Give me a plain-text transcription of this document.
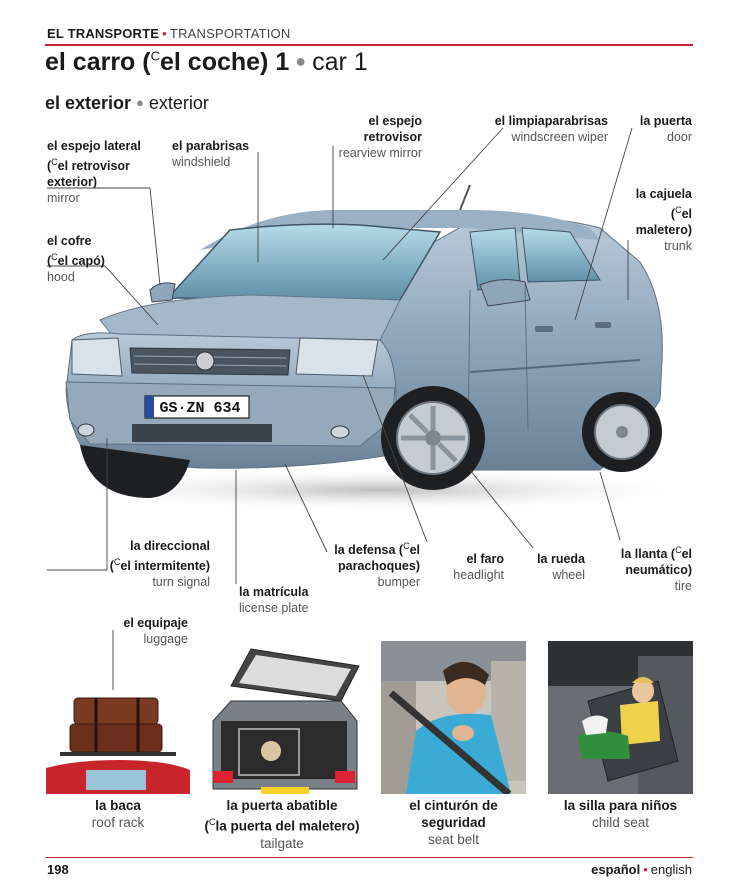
EL TRANSPORTE • TRANSPORTATION
el carro ($^C$el coche) 1 ● car 1
el exterior ● exterior
GS·ZN 634
el espejo lateral
($^C$el retrovisor
exterior)
mirror
el parabrisas
windshield
el espejo
retrovisor
rearview mirror
el limpiaparabrisas
windscreen wiper
la puerta
door
la cajuela
($^C$el
maletero)
trunk
el cofre
($^C$el capó)
hood
la direccional
($^C$el intermitente)
turn signal
la matrícula
license plate
la defensa ($^C$el
parachoques)
bumper
el faro
headlight
la rueda
wheel
la llanta ($^C$el
neumático)
tire
el equipaje
luggage
la baca
roof rack
la puerta abatible
($^C$la puerta del maletero)
tailgate
el cinturón de
seguridad
seat belt
la silla para niños
child seat
198	español • english
